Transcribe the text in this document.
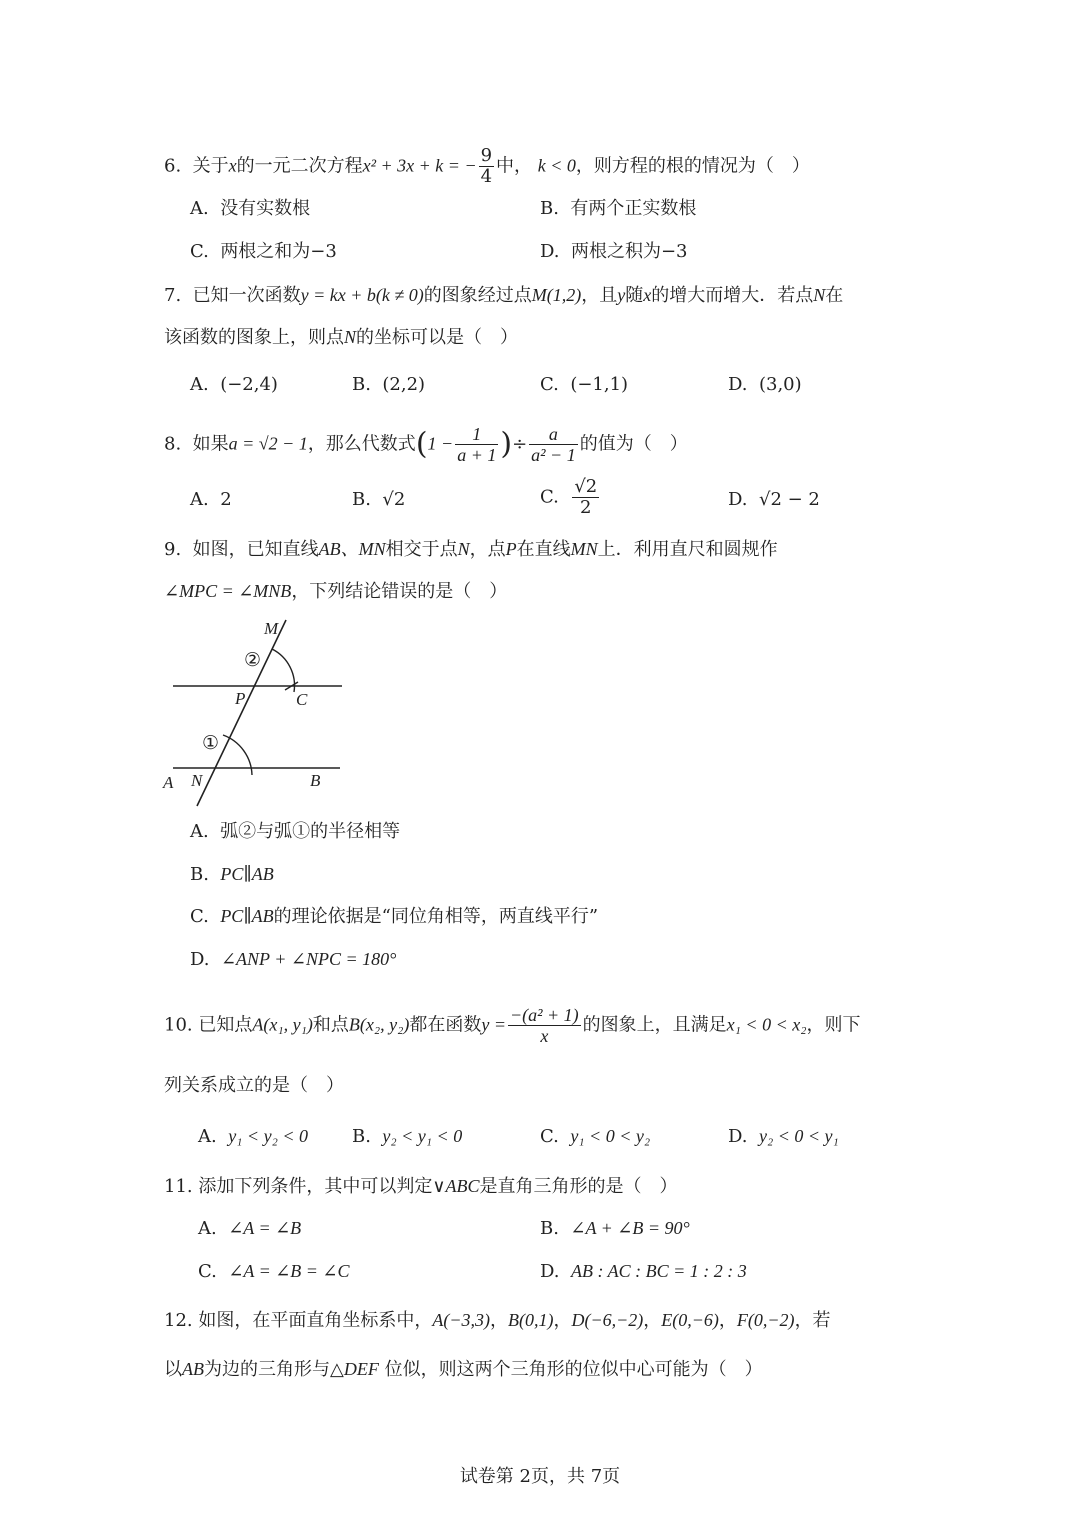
6. 关于x的一元二次方程x² + 3x + k = − $\frac{9}{4}$ 中， k < 0，则方程的根的情况为（　）
A. 没有实数根	B. 有两个正实数根
C. 两根之和为−3	D. 两根之积为−3
7. 已知一次函数y = kx + b(k ≠ 0)的图象经过点M(1,2)，且y随x的增大而增大．若点N在
该函数的图象上，则点N的坐标可以是（　）
A. (−2,4)	B. (2,2)	C. (−1,1)	D. (3,0)
8. 如果a = √2 − 1，那么代数式($1 - \frac{1}{a + 1}$ )÷ $\frac{a}{\text{a² − 1}}$ 的值为（　）
A. 2	B. √2	C. $\frac{√2}{2}$	D. √2 − 2
9. 如图，已知直线AB、MN相交于点N，点P在直线MN上．利用直尺和圆规作
∠MPC = ∠MNB，下列结论错误的是（　）
M
②
P	C
①
A N	B
A. 弧②与弧①的半径相等
B. PC∥AB
C. PC∥AB的理论依据是“同位角相等，两直线平行”
D. ∠ANP + ∠NPC = 180°
10. 已知点A(x₁, y₁)和点B(x₂, y₂)都在函数$y = \frac{\text{−(a² + 1)}}{x}$ 的图象上，且满足x₁ < 0 < x₂，则下
列关系成立的是（　）
A. y₁ < y₂ < 0 B. y₂ < y₁ < 0	C. y₁ < 0 < y₂	D. y₂ < 0 < y₁
11. 添加下列条件，其中可以判定∨ABC是直角三角形的是（　）
A. ∠A = ∠B	B. ∠A + ∠B = 90°
C. ∠A = ∠B = ∠C	D. AB : AC : BC = 1 : 2 : 3
12. 如图，在平面直角坐标系中，A(−3,3)，B(0,1)，D(−6,−2)，E(0,−6)，F(0,−2)，若
以AB为边的三角形与△DEF 位似，则这两个三角形的位似中心可能为（　）
试卷第 2页，共 7页
